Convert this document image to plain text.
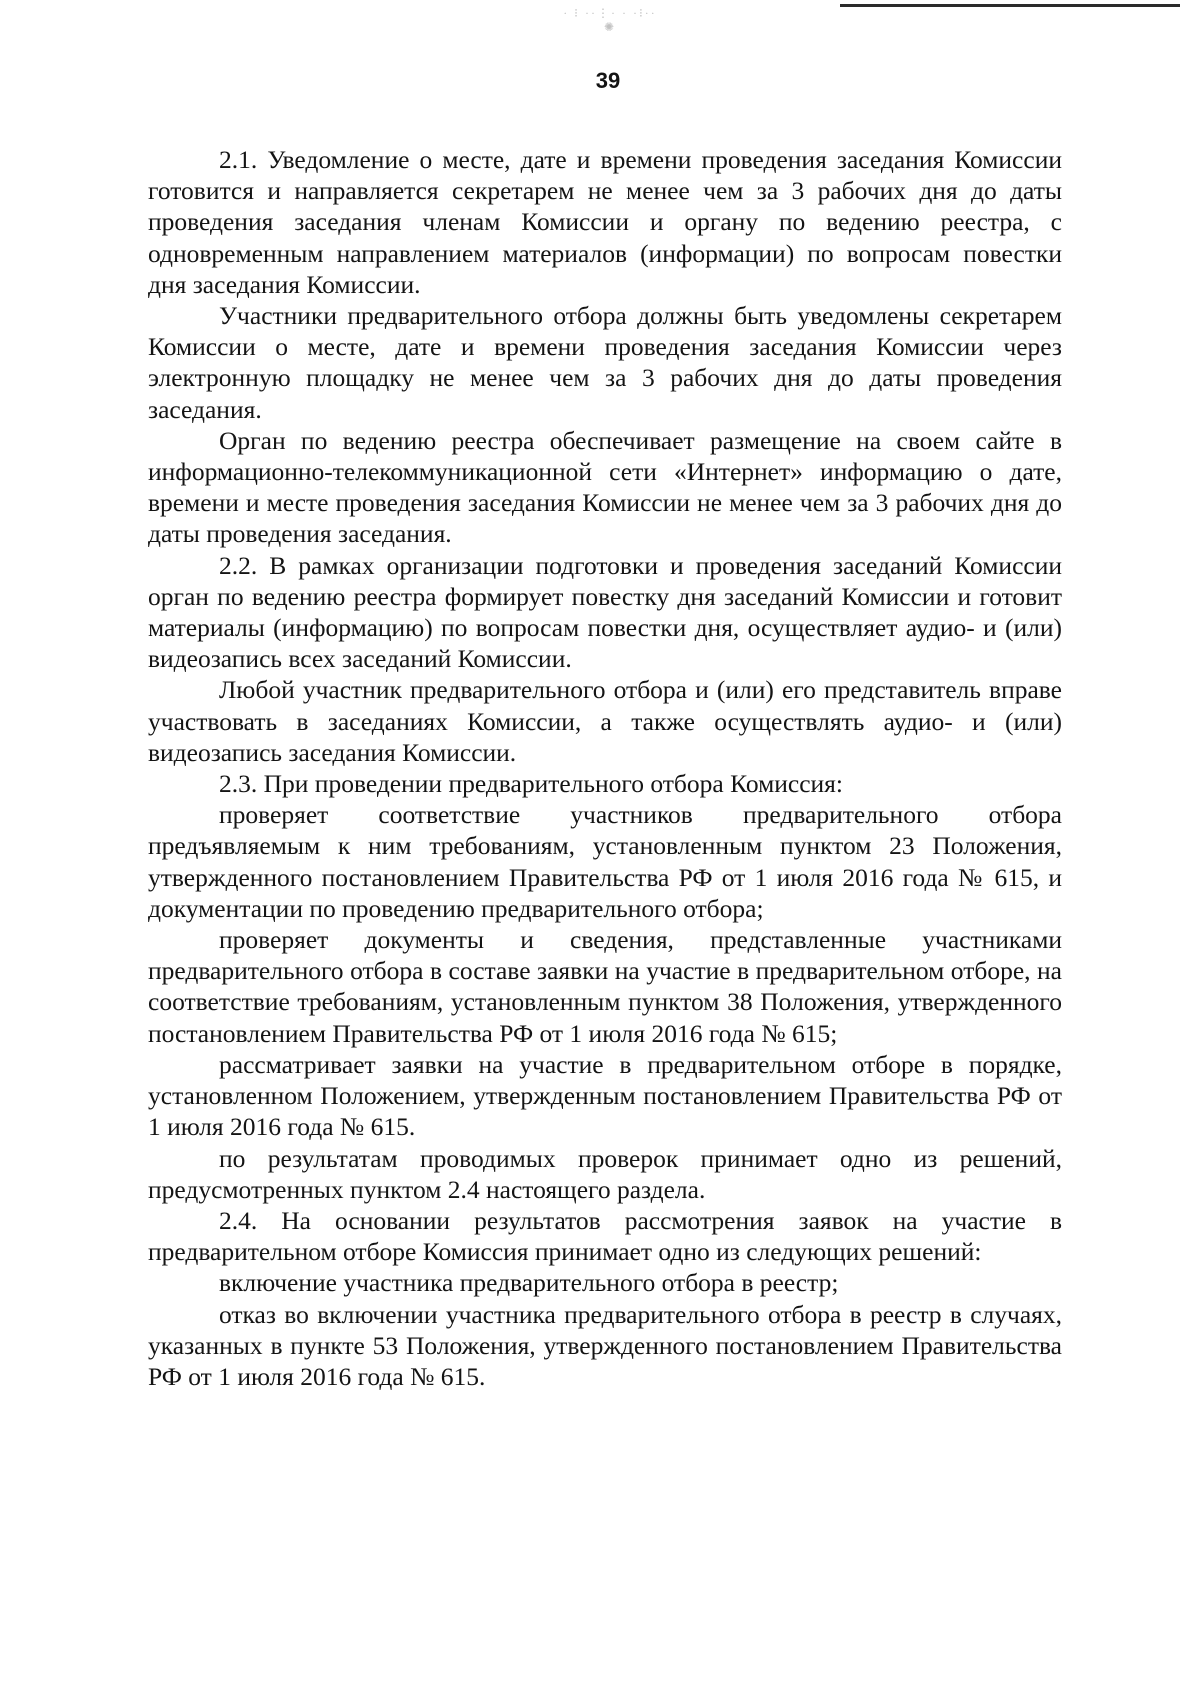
· ⁝ ··⋮· · ·⁝··
✺
39

2.1. Уведомление о месте, дате и времени проведения заседания Комиссии готовится и направляется секретарем не менее чем за 3 рабочих дня до даты проведения заседания членам Комиссии и органу по ведению реестра, с одновременным направлением материалов (информации) по вопросам повестки дня заседания Комиссии.

Участники предварительного отбора должны быть уведомлены секретарем Комиссии о месте, дате и времени проведения заседания Комиссии через электронную площадку не менее чем за 3 рабочих дня до даты проведения заседания.

Орган по ведению реестра обеспечивает размещение на своем сайте в информационно-телекоммуникационной сети «Интернет» информацию о дате, времени и месте проведения заседания Комиссии не менее чем за 3 рабочих дня до даты проведения заседания.

2.2. В рамках организации подготовки и проведения заседаний Комиссии орган по ведению реестра формирует повестку дня заседаний Комиссии и готовит материалы (информацию) по вопросам повестки дня, осуществляет аудио- и (или) видеозапись всех заседаний Комиссии.

Любой участник предварительного отбора и (или) его представитель вправе участвовать в заседаниях Комиссии, а также осуществлять аудио- и (или) видеозапись заседания Комиссии.

2.3. При проведении предварительного отбора Комиссия:

проверяет соответствие участников предварительного отбора предъявляемым к ним требованиям, установленным пунктом 23 Положения, утвержденного постановлением Правительства РФ от 1 июля 2016 года № 615, и документации по проведению предварительного отбора;

проверяет документы и сведения, представленные участниками предварительного отбора в составе заявки на участие в предварительном отборе, на соответствие требованиям, установленным пунктом 38 Положения, утвержденного постановлением Правительства РФ от 1 июля 2016 года № 615;

рассматривает заявки на участие в предварительном отборе в порядке, установленном Положением, утвержденным постановлением Правительства РФ от 1 июля 2016 года № 615.

по результатам проводимых проверок принимает одно из решений, предусмотренных пунктом 2.4 настоящего раздела.

2.4. На основании результатов рассмотрения заявок на участие в предварительном отборе Комиссия принимает одно из следующих решений:

включение участника предварительного отбора в реестр;

отказ во включении участника предварительного отбора в реестр в случаях, указанных в пункте 53 Положения, утвержденного постановлением Правительства РФ от 1 июля 2016 года № 615.
